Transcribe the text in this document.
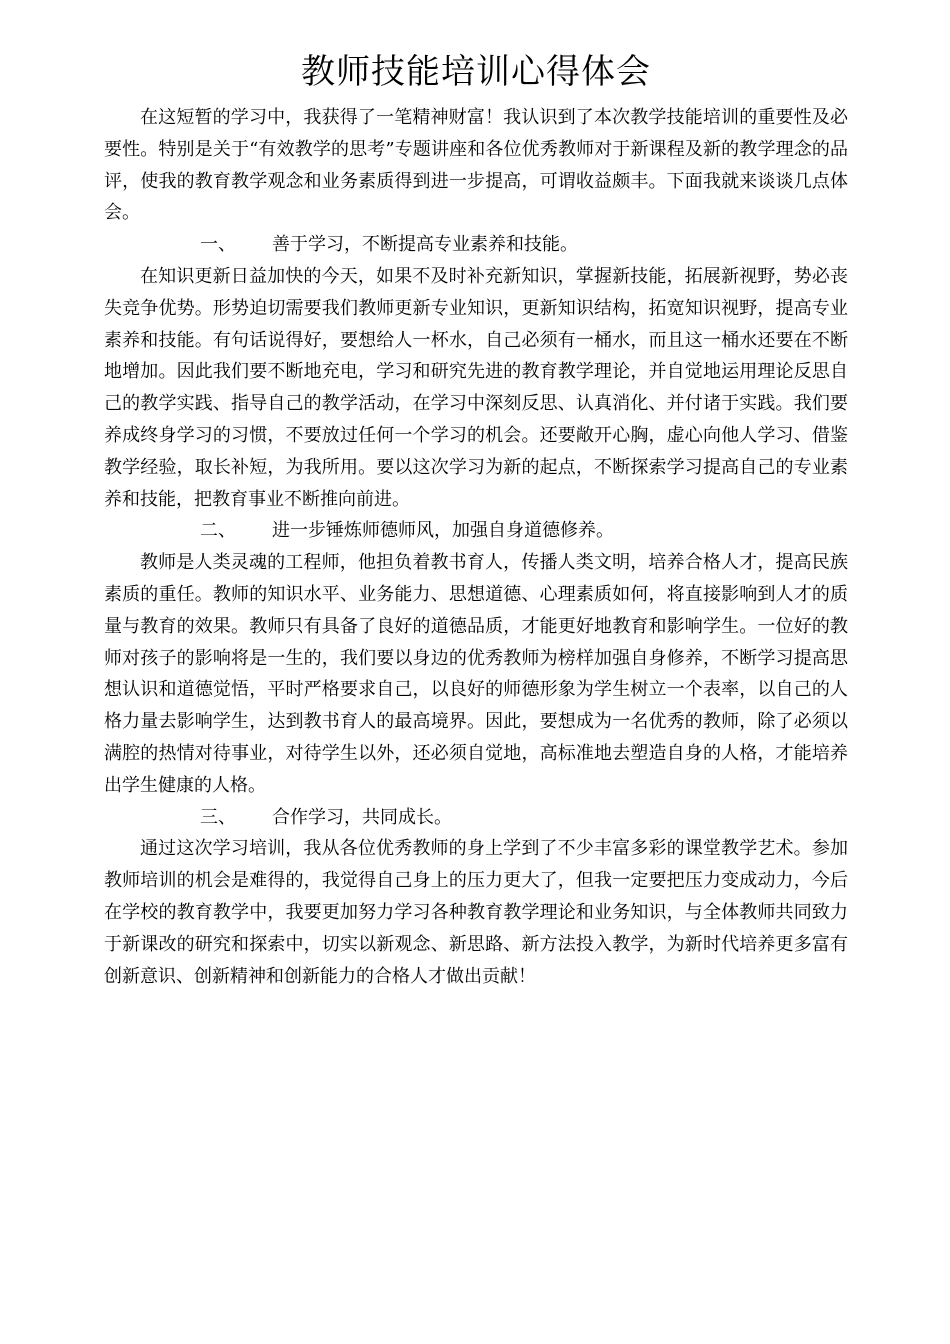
教师技能培训心得体会

在这短暂的学习中，我获得了一笔精神财富！我认识到了本次教学技能培训的重要性及必要性。特别是关于“有效教学的思考”专题讲座和各位优秀教师对于新课程及新的教学理念的品评，使我的教育教学观念和业务素质得到进一步提高，可谓收益颇丰。下面我就来谈谈几点体会。

一、 善于学习，不断提高专业素养和技能。

在知识更新日益加快的今天，如果不及时补充新知识，掌握新技能，拓展新视野，势必丧失竞争优势。形势迫切需要我们教师更新专业知识，更新知识结构，拓宽知识视野，提高专业素养和技能。有句话说得好，要想给人一杯水，自己必须有一桶水，而且这一桶水还要在不断地增加。因此我们要不断地充电，学习和研究先进的教育教学理论，并自觉地运用理论反思自己的教学实践、指导自己的教学活动，在学习中深刻反思、认真消化、并付诸于实践。我们要养成终身学习的习惯，不要放过任何一个学习的机会。还要敞开心胸，虚心向他人学习、借鉴教学经验，取长补短，为我所用。要以这次学习为新的起点，不断探索学习提高自己的专业素养和技能，把教育事业不断推向前进。

二、 进一步锤炼师德师风，加强自身道德修养。

教师是人类灵魂的工程师，他担负着教书育人，传播人类文明，培养合格人才，提高民族素质的重任。教师的知识水平、业务能力、思想道德、心理素质如何，将直接影响到人才的质量与教育的效果。教师只有具备了良好的道德品质，才能更好地教育和影响学生。一位好的教师对孩子的影响将是一生的，我们要以身边的优秀教师为榜样加强自身修养，不断学习提高思想认识和道德觉悟，平时严格要求自己，以良好的师德形象为学生树立一个表率，以自己的人格力量去影响学生，达到教书育人的最高境界。因此，要想成为一名优秀的教师，除了必须以满腔的热情对待事业，对待学生以外，还必须自觉地，高标准地去塑造自身的人格，才能培养出学生健康的人格。

三、 合作学习，共同成长。

通过这次学习培训，我从各位优秀教师的身上学到了不少丰富多彩的课堂教学艺术。参加教师培训的机会是难得的，我觉得自己身上的压力更大了，但我一定要把压力变成动力，今后在学校的教育教学中，我要更加努力学习各种教育教学理论和业务知识，与全体教师共同致力于新课改的研究和探索中，切实以新观念、新思路、新方法投入教学，为新时代培养更多富有创新意识、创新精神和创新能力的合格人才做出贡献！
